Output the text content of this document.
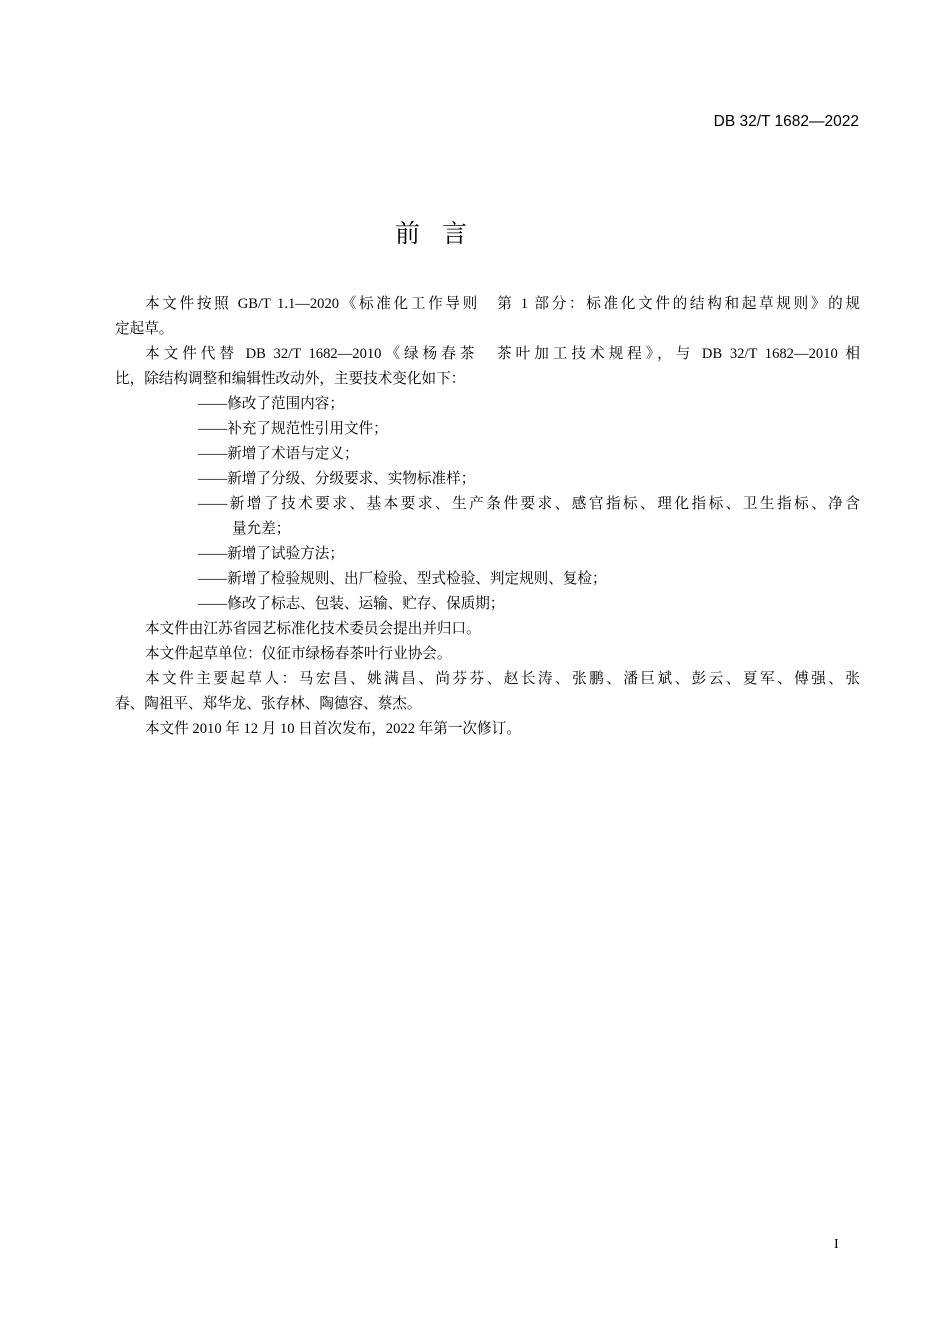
DB 32/T 1682—2022
前言
本文件按照 GB/T 1.1—2020《标准化工作导则　第 1 部分：标准化文件的结构和起草规则》的规
定起草。
本文件代替 DB 32/T 1682—2010《绿杨春茶　茶叶加工技术规程》，与 DB 32/T 1682—2010 相
比，除结构调整和编辑性改动外，主要技术变化如下：
——修改了范围内容；
——补充了规范性引用文件；
——新增了术语与定义；
——新增了分级、分级要求、实物标准样；
——新增了技术要求、基本要求、生产条件要求、感官指标、理化指标、卫生指标、净含
量允差；
——新增了试验方法；
——新增了检验规则、出厂检验、型式检验、判定规则、复检；
——修改了标志、包装、运输、贮存、保质期；
本文件由江苏省园艺标准化技术委员会提出并归口。
本文件起草单位：仪征市绿杨春茶叶行业协会。
本文件主要起草人：马宏昌、姚满昌、尚芬芬、赵长涛、张鹏、潘巨斌、彭云、夏军、傅强、张
春、陶祖平、郑华龙、张存林、陶德容、蔡杰。
本文件 2010 年 12 月 10 日首次发布，2022 年第一次修订。
I
